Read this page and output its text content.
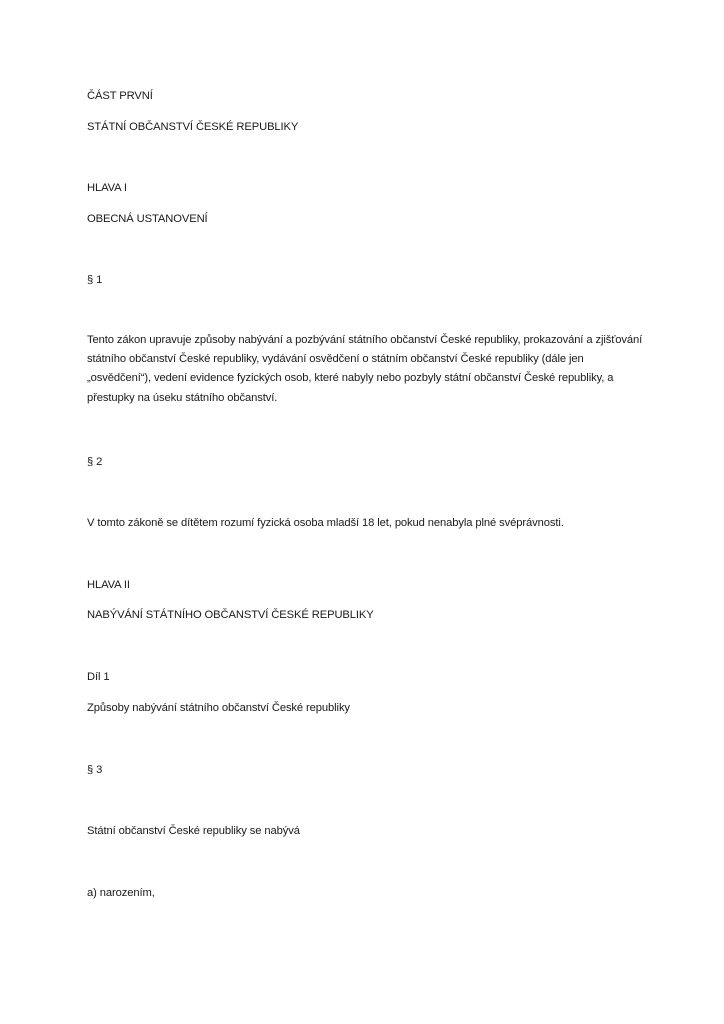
ČÁST PRVNÍ
STÁTNÍ OBČANSTVÍ ČESKÉ REPUBLIKY
HLAVA I
OBECNÁ USTANOVENÍ
§ 1
Tento zákon upravuje způsoby nabývání a pozbývání státního občanství České republiky, prokazování a zjišťování státního občanství České republiky, vydávání osvědčení o státním občanství České republiky (dále jen „osvědčení“), vedení evidence fyzických osob, které nabyly nebo pozbyly státní občanství České republiky, a přestupky na úseku státního občanství.
§ 2
V tomto zákoně se dítětem rozumí fyzická osoba mladší 18 let, pokud nenabyla plné svéprávnosti.
HLAVA II
NABÝVÁNÍ STÁTNÍHO OBČANSTVÍ ČESKÉ REPUBLIKY
Díl 1
Způsoby nabývání státního občanství České republiky
§ 3
Státní občanství České republiky se nabývá
a) narozením,
